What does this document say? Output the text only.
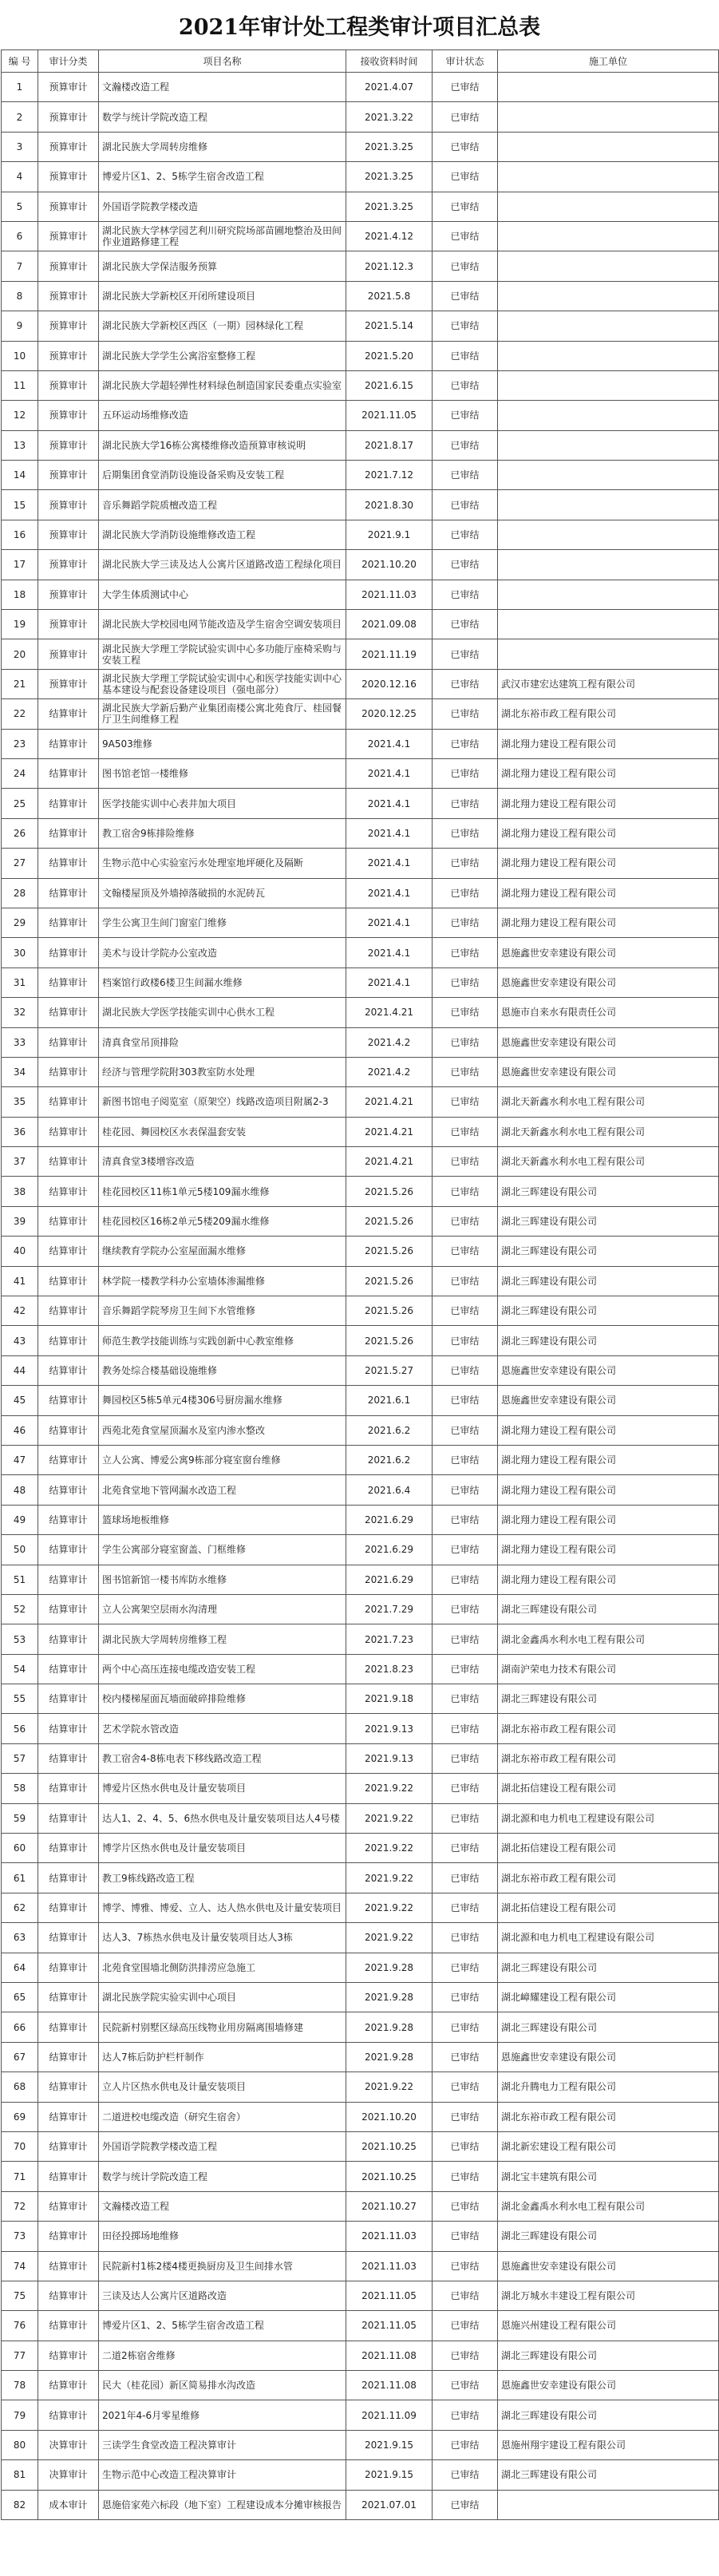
2021年审计处工程类审计项目汇总表
编 号	审计分类	项目名称	接收资料时间	审计状态	施工单位
1	预算审计	文瀚楼改造工程	2021.4.07	已审结	
2	预算审计	数学与统计学院改造工程	2021.3.22	已审结	
3	预算审计	湖北民族大学周转房维修	2021.3.25	已审结	
4	预算审计	博爱片区1、2、5栋学生宿舍改造工程	2021.3.25	已审结	
5	预算审计	外国语学院教学楼改造	2021.3.25	已审结	
6	预算审计	湖北民族大学林学园艺利川研究院场部苗圃地整治及田间作业道路修建工程	2021.4.12	已审结	
7	预算审计	湖北民族大学保洁服务预算	2021.12.3	已审结	
8	预算审计	湖北民族大学新校区开闭所建设项目	2021.5.8	已审结	
9	预算审计	湖北民族大学新校区西区（一期）园林绿化工程	2021.5.14	已审结	
10	预算审计	湖北民族大学学生公寓浴室整修工程	2021.5.20	已审结	
11	预算审计	湖北民族大学超轻弹性材料绿色制造国家民委重点实验室	2021.6.15	已审结	
12	预算审计	五环运动场维修改造	2021.11.05	已审结	
13	预算审计	湖北民族大学16栋公寓楼维修改造预算审核说明	2021.8.17	已审结	
14	预算审计	后期集团食堂消防设施设备采购及安装工程	2021.7.12	已审结	
15	预算审计	音乐舞蹈学院质檀改造工程	2021.8.30	已审结	
16	预算审计	湖北民族大学消防设施维修改造工程	2021.9.1	已审结	
17	预算审计	湖北民族大学三读及达人公寓片区道路改造工程绿化项目	2021.10.20	已审结	
18	预算审计	大学生体质测试中心	2021.11.03	已审结	
19	预算审计	湖北民族大学校园电网节能改造及学生宿舍空调安装项目	2021.09.08	已审结	
20	预算审计	湖北民族大学理工学院试验实训中心多功能厅座椅采购与安装工程	2021.11.19	已审结	
21	预算审计	湖北民族大学理工学院试验实训中心和医学技能实训中心基本建设与配套设备建设项目（强电部分）	2020.12.16	已审结	武汉市建宏达建筑工程有限公司
22	结算审计	湖北民族大学新后勤产业集团南楼公寓北苑食厅、桂园餐厅卫生间维修工程	2020.12.25	已审结	湖北东裕市政工程有限公司
23	结算审计	9A503维修	2021.4.1	已审结	湖北翔力建设工程有限公司
24	结算审计	图书馆老馆一楼维修	2021.4.1	已审结	湖北翔力建设工程有限公司
25	结算审计	医学技能实训中心表井加大项目	2021.4.1	已审结	湖北翔力建设工程有限公司
26	结算审计	教工宿舍9栋排险维修	2021.4.1	已审结	湖北翔力建设工程有限公司
27	结算审计	生物示范中心实验室污水处理室地坪硬化及隔断	2021.4.1	已审结	湖北翔力建设工程有限公司
28	结算审计	文翰楼屋顶及外墙掉落破损的水泥砖瓦	2021.4.1	已审结	湖北翔力建设工程有限公司
29	结算审计	学生公寓卫生间门窗室门维修	2021.4.1	已审结	湖北翔力建设工程有限公司
30	结算审计	美术与设计学院办公室改造	2021.4.1	已审结	恩施鑫世安幸建设有限公司
31	结算审计	档案馆行政楼6楼卫生间漏水维修	2021.4.1	已审结	恩施鑫世安幸建设有限公司
32	结算审计	湖北民族大学医学技能实训中心供水工程	2021.4.21	已审结	恩施市自来水有限责任公司
33	结算审计	清真食堂吊顶排险	2021.4.2	已审结	恩施鑫世安幸建设有限公司
34	结算审计	经济与管理学院附303教室防水处理	2021.4.2	已审结	恩施鑫世安幸建设有限公司
35	结算审计	新图书馆电子阅览室（原架空）线路改造项目附属2-3	2021.4.21	已审结	湖北天新鑫水利水电工程有限公司
36	结算审计	桂花园、舞园校区水表保温套安装	2021.4.21	已审结	湖北天新鑫水利水电工程有限公司
37	结算审计	清真食堂3楼增容改造	2021.4.21	已审结	湖北天新鑫水利水电工程有限公司
38	结算审计	桂花园校区11栋1单元5楼109漏水维修	2021.5.26	已审结	湖北三晖建设有限公司
39	结算审计	桂花园校区16栋2单元5楼209漏水维修	2021.5.26	已审结	湖北三晖建设有限公司
40	结算审计	继续教育学院办公室屋面漏水维修	2021.5.26	已审结	湖北三晖建设有限公司
41	结算审计	林学院一楼教学科办公室墙体渗漏维修	2021.5.26	已审结	湖北三晖建设有限公司
42	结算审计	音乐舞蹈学院琴房卫生间下水管维修	2021.5.26	已审结	湖北三晖建设有限公司
43	结算审计	师范生教学技能训练与实践创新中心教室维修	2021.5.26	已审结	湖北三晖建设有限公司
44	结算审计	教务处综合楼基础设施维修	2021.5.27	已审结	恩施鑫世安幸建设有限公司
45	结算审计	舞园校区5栋5单元4楼306号厨房漏水维修	2021.6.1	已审结	恩施鑫世安幸建设有限公司
46	结算审计	西苑北苑食堂屋顶漏水及室内渗水整改	2021.6.2	已审结	湖北翔力建设工程有限公司
47	结算审计	立人公寓、博爱公寓9栋部分寝室窗台维修	2021.6.2	已审结	湖北翔力建设工程有限公司
48	结算审计	北苑食堂地下管网漏水改造工程	2021.6.4	已审结	湖北翔力建设工程有限公司
49	结算审计	篮球场地板维修	2021.6.29	已审结	湖北翔力建设工程有限公司
50	结算审计	学生公寓部分寝室窗盖、门框维修	2021.6.29	已审结	湖北翔力建设工程有限公司
51	结算审计	图书馆新馆一楼书库防水维修	2021.6.29	已审结	湖北翔力建设工程有限公司
52	结算审计	立人公寓架空层雨水沟清理	2021.7.29	已审结	湖北三晖建设有限公司
53	结算审计	湖北民族大学周转房维修工程	2021.7.23	已审结	湖北金鑫禹水利水电工程有限公司
54	结算审计	两个中心高压连接电缆改造安装工程	2021.8.23	已审结	湖南沪荣电力技术有限公司
55	结算审计	校内楼梯屋面瓦墙面破碎排险维修	2021.9.18	已审结	湖北三晖建设有限公司
56	结算审计	艺术学院水管改造	2021.9.13	已审结	湖北东裕市政工程有限公司
57	结算审计	教工宿舍4-8栋电表下移线路改造工程	2021.9.13	已审结	湖北东裕市政工程有限公司
58	结算审计	博爱片区热水供电及计量安装项目	2021.9.22	已审结	湖北拓信建设工程有限公司
59	结算审计	达人1、2、4、5、6热水供电及计量安装项目达人4号楼	2021.9.22	已审结	湖北源和电力机电工程建设有限公司
60	结算审计	博学片区热水供电及计量安装项目	2021.9.22	已审结	湖北拓信建设工程有限公司
61	结算审计	教工9栋线路改造工程	2021.9.22	已审结	湖北东裕市政工程有限公司
62	结算审计	博学、博雅、博爱、立人、达人热水供电及计量安装项目	2021.9.22	已审结	湖北拓信建设工程有限公司
63	结算审计	达人3、7栋热水供电及计量安装项目达人3栋	2021.9.22	已审结	湖北源和电力机电工程建设有限公司
64	结算审计	北苑食堂围墙北侧防洪排涝应急施工	2021.9.28	已审结	湖北三晖建设有限公司
65	结算审计	湖北民族学院实验实训中心项目	2021.9.28	已审结	湖北嶂耀建设工程有限公司
66	结算审计	民院新村别墅区绿高压线物业用房隔离围墙修建	2021.9.28	已审结	湖北三晖建设有限公司
67	结算审计	达人7栋后防护栏杆制作	2021.9.28	已审结	恩施鑫世安幸建设有限公司
68	结算审计	立人片区热水供电及计量安装项目	2021.9.22	已审结	湖北升腾电力工程有限公司
69	结算审计	二道进校电缆改造（研究生宿舍）	2021.10.20	已审结	湖北东裕市政工程有限公司
70	结算审计	外国语学院教学楼改造工程	2021.10.25	已审结	湖北新宏建设工程有限公司
71	结算审计	数学与统计学院改造工程	2021.10.25	已审结	湖北宝丰建筑有限公司
72	结算审计	文瀚楼改造工程	2021.10.27	已审结	湖北金鑫禹水利水电工程有限公司
73	结算审计	田径投掷场地维修	2021.11.03	已审结	湖北三晖建设有限公司
74	结算审计	民院新村1栋2楼4楼更换厨房及卫生间排水管	2021.11.03	已审结	恩施鑫世安幸建设有限公司
75	结算审计	三读及达人公寓片区道路改造	2021.11.05	已审结	湖北万城水丰建设工程有限公司
76	结算审计	博爱片区1、2、5栋学生宿舍改造工程	2021.11.05	已审结	恩施兴州建设工程有限公司
77	结算审计	二道2栋宿舍维修	2021.11.08	已审结	湖北三晖建设有限公司
78	结算审计	民大（桂花园）新区简易排水沟改造	2021.11.08	已审结	恩施鑫世安幸建设有限公司
79	结算审计	2021年4-6月零星维修	2021.11.09	已审结	湖北三晖建设有限公司
80	决算审计	三读学生食堂改造工程决算审计	2021.9.15	已审结	恩施州翔宇建设工程有限公司
81	决算审计	生物示范中心改造工程决算审计	2021.9.15	已审结	湖北三晖建设有限公司
82	成本审计	恩施倍家苑六标段（地下室）工程建设成本分摊审核报告	2021.07.01	已审结	
